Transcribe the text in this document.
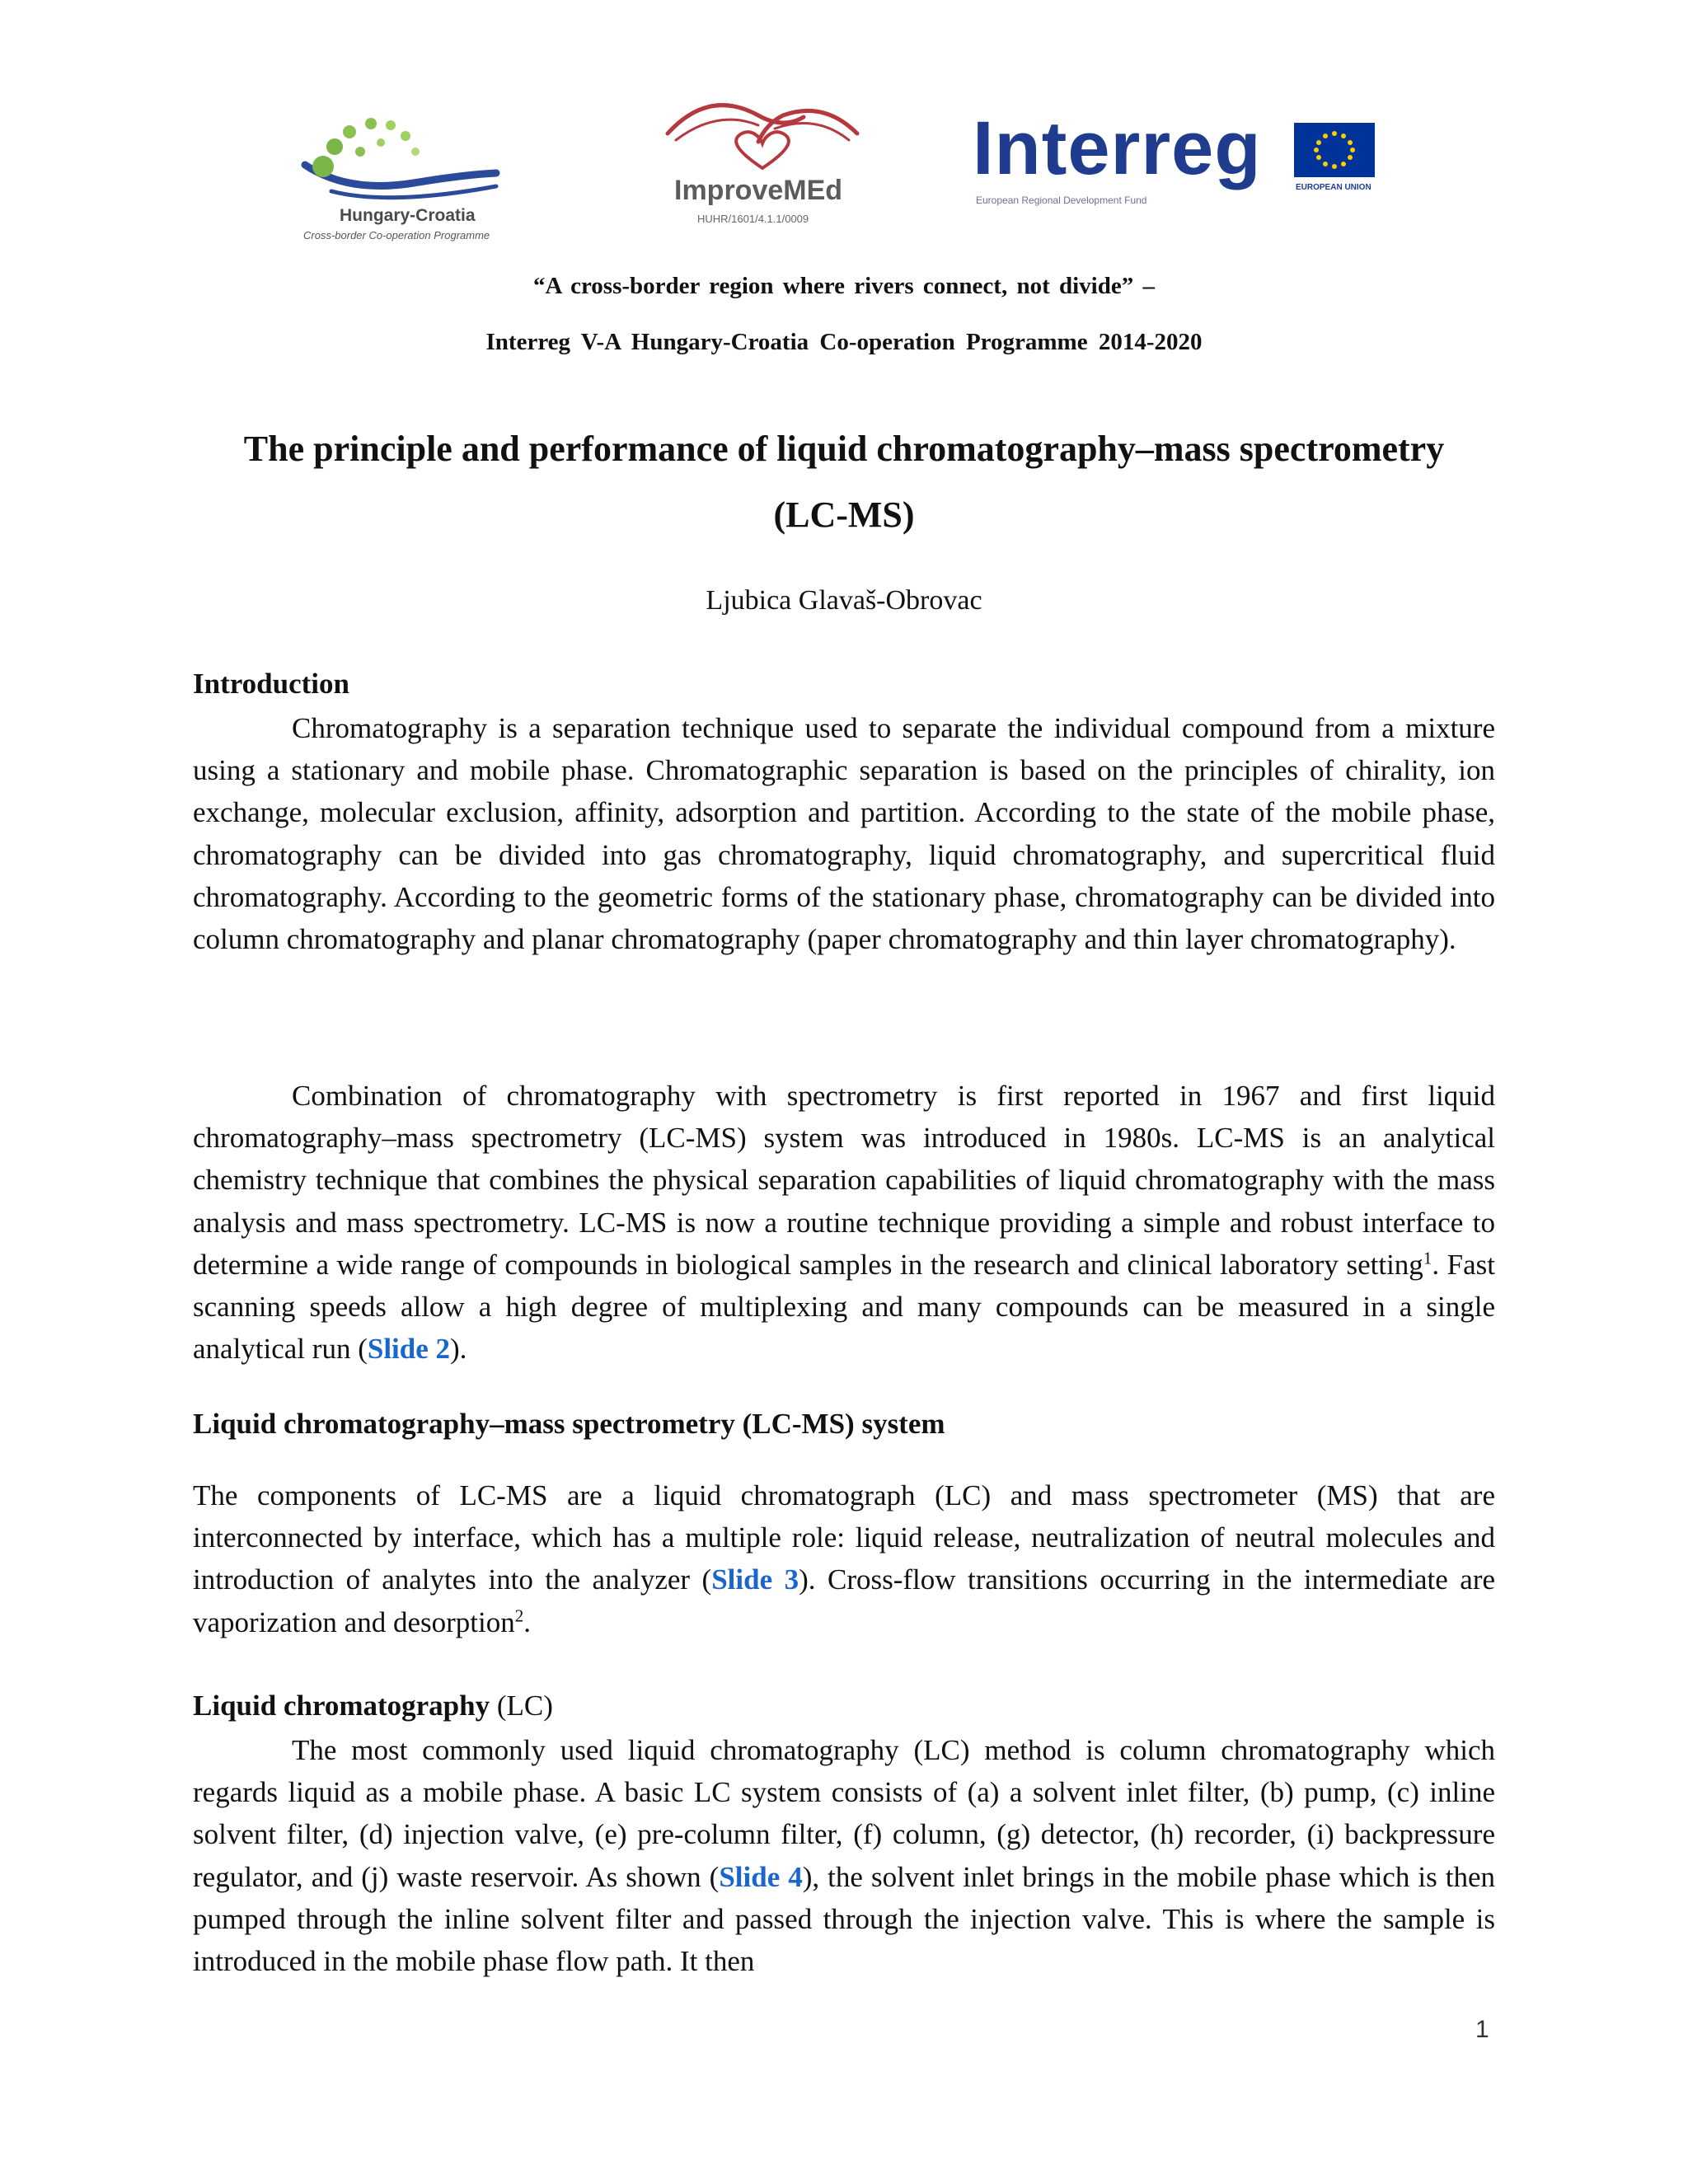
Hungary-Croatia
Cross-border Co-operation Programme
ImproveMEd
HUHR/1601/4.1.1/0009
Interreg
European Regional Development Fund
EUROPEAN UNION
“A cross-border region where rivers connect, not divide” –
Interreg V-A Hungary-Croatia Co-operation Programme 2014-2020
The principle and performance of liquid chromatography–mass spectrometry
(LC-MS)
Ljubica Glavaš-Obrovac
Introduction

Chromatography is a separation technique used to separate the individual compound from a mixture using a stationary and mobile phase. Chromatographic separation is based on the principles of chirality, ion exchange, molecular exclusion, affinity, adsorption and partition. According to the state of the mobile phase, chromatography can be divided into gas chromatography, liquid chromatography, and supercritical fluid chromatography. According to the geometric forms of the stationary phase, chromatography can be divided into column chromatography and planar chromatography (paper chromatography and thin layer chromatography).

Combination of chromatography with spectrometry is first reported in 1967 and first liquid chromatography–mass spectrometry (LC-MS) system was introduced in 1980s. LC-MS is an analytical chemistry technique that combines the physical separation capabilities of liquid chromatography with the mass analysis and mass spectrometry. LC-MS is now a routine technique providing a simple and robust interface to determine a wide range of compounds in biological samples in the research and clinical laboratory setting$^1$. Fast scanning speeds allow a high degree of multiplexing and many compounds can be measured in a single analytical run (Slide 2).

Liquid chromatography–mass spectrometry (LC-MS) system

The components of LC-MS are a liquid chromatograph (LC) and mass spectrometer (MS) that are interconnected by interface, which has a multiple role: liquid release, neutralization of neutral molecules and introduction of analytes into the analyzer (Slide 3). Cross-flow transitions occurring in the intermediate are vaporization and desorption$^2$.

Liquid chromatography (LC)

The most commonly used liquid chromatography (LC) method is column chromatography which regards liquid as a mobile phase. A basic LC system consists of (a) a solvent inlet filter, (b) pump, (c) inline solvent filter, (d) injection valve, (e) pre-column filter, (f) column, (g) detector, (h) recorder, (i) backpressure regulator, and (j) waste reservoir. As shown (Slide 4), the solvent inlet brings in the mobile phase which is then pumped through the inline solvent filter and passed through the injection valve. This is where the sample is introduced in the mobile phase flow path. It then

1
